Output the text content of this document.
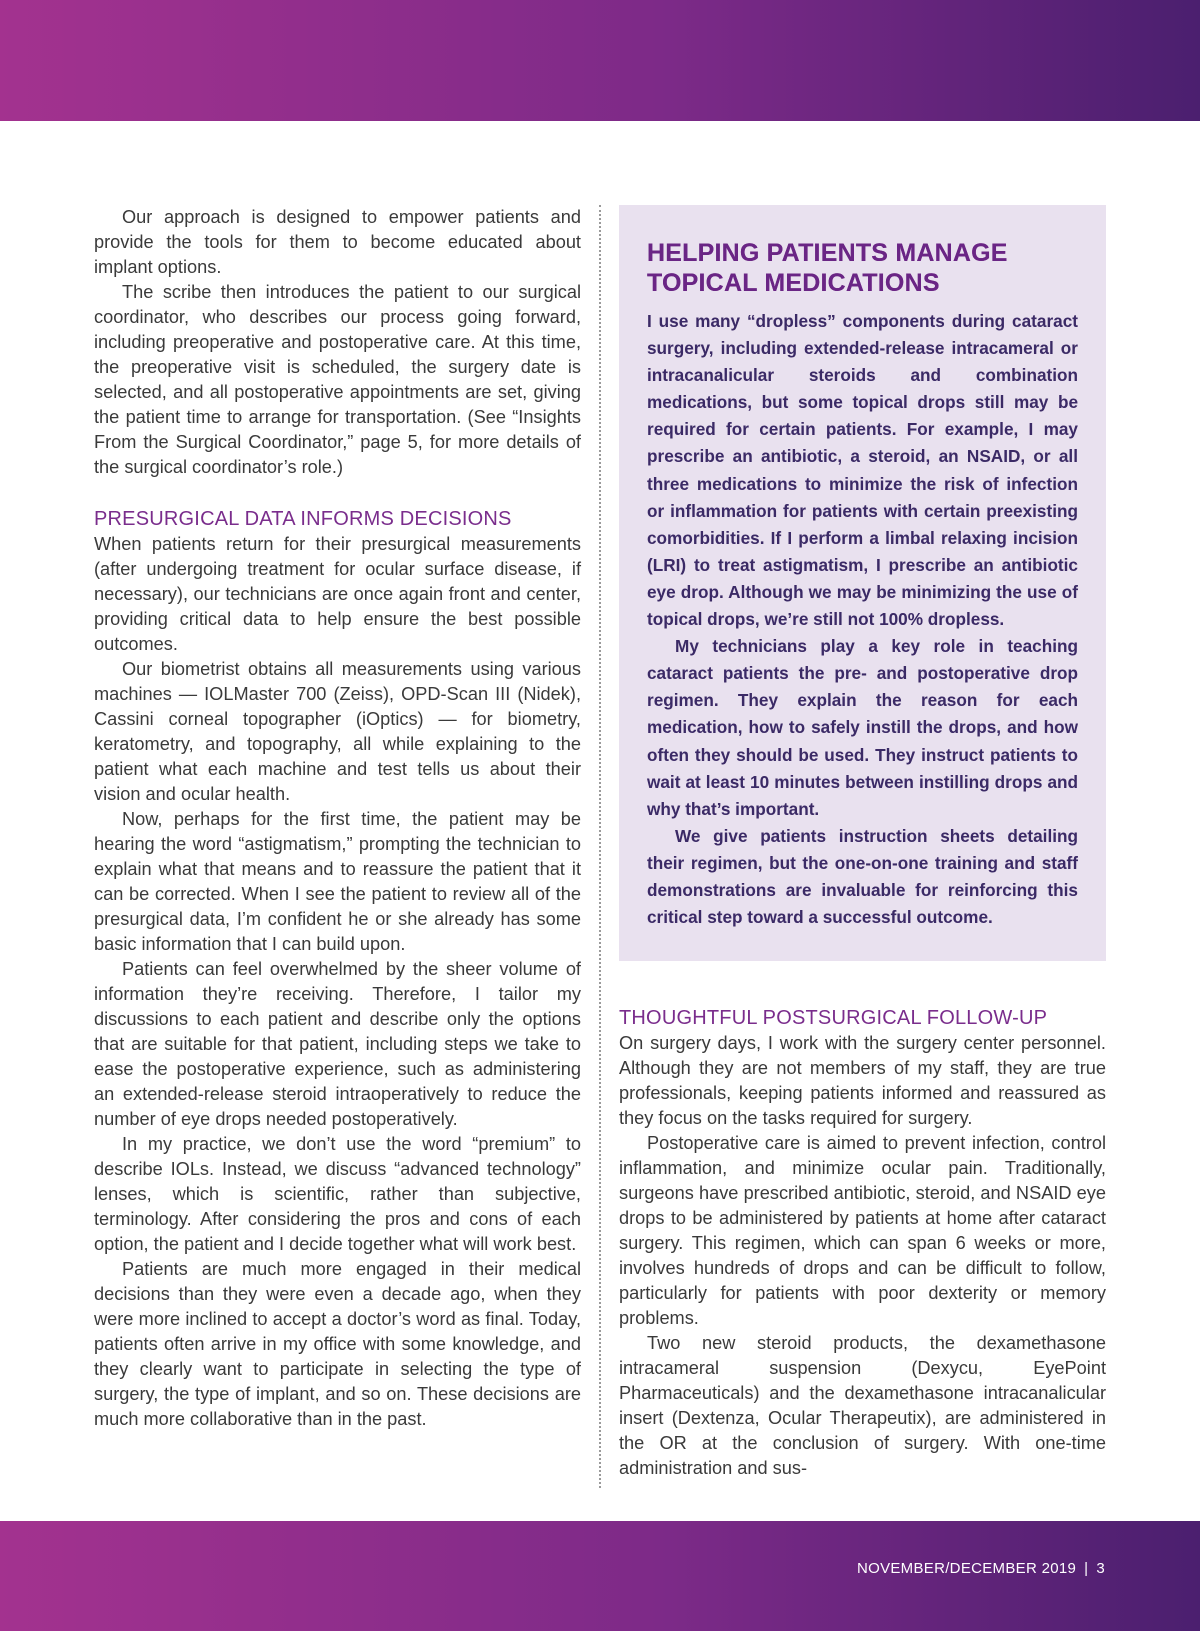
Our approach is designed to empower patients and provide the tools for them to become educated about implant options.

The scribe then introduces the patient to our surgical coordinator, who describes our process going forward, including preoperative and postoperative care. At this time, the preoperative visit is scheduled, the surgery date is selected, and all postoperative appointments are set, giving the patient time to arrange for transportation. (See “Insights From the Surgical Coordinator,” page 5, for more details of the surgical coordinator’s role.)

PRESURGICAL DATA INFORMS DECISIONS

When patients return for their presurgical measurements (after undergoing treatment for ocular surface disease, if necessary), our technicians are once again front and center, providing critical data to help ensure the best possible outcomes.

Our biometrist obtains all measurements using various machines — IOLMaster 700 (Zeiss), OPD-Scan III (Nidek), Cassini corneal topographer (iOptics) — for biometry, keratometry, and topography, all while explaining to the patient what each machine and test tells us about their vision and ocular health.

Now, perhaps for the first time, the patient may be hearing the word “astigmatism,” prompting the technician to explain what that means and to reassure the patient that it can be corrected. When I see the patient to review all of the presurgical data, I’m confident he or she already has some basic information that I can build upon.

Patients can feel overwhelmed by the sheer volume of information they’re receiving. Therefore, I tailor my discussions to each patient and describe only the options that are suitable for that patient, including steps we take to ease the postoperative experience, such as administering an extended-release steroid intraoperatively to reduce the number of eye drops needed postoperatively.

In my practice, we don’t use the word “premium” to describe IOLs. Instead, we discuss “advanced technology” lenses, which is scientific, rather than subjective, terminology. After considering the pros and cons of each option, the patient and I decide together what will work best.

Patients are much more engaged in their medical decisions than they were even a decade ago, when they were more inclined to accept a doctor’s word as final. Today, patients often arrive in my office with some knowledge, and they clearly want to participate in selecting the type of surgery, the type of implant, and so on. These decisions are much more collaborative than in the past.

HELPING PATIENTS MANAGE
TOPICAL MEDICATIONS

I use many “dropless” components during cataract surgery, including extended-release intracameral or intracanalicular steroids and combination medications, but some topical drops still may be required for certain patients. For example, I may prescribe an antibiotic, a steroid, an NSAID, or all three medications to minimize the risk of infection or inflammation for patients with certain preexisting comorbidities. If I perform a limbal relaxing incision (LRI) to treat astigmatism, I prescribe an antibiotic eye drop. Although we may be minimizing the use of topical drops, we’re still not 100% dropless.

My technicians play a key role in teaching cataract patients the pre- and postoperative drop regimen. They explain the reason for each medication, how to safely instill the drops, and how often they should be used. They instruct patients to wait at least 10 minutes between instilling drops and why that’s important.

We give patients instruction sheets detailing their regimen, but the one-on-one training and staff demonstrations are invaluable for reinforcing this critical step toward a successful outcome.

THOUGHTFUL POSTSURGICAL FOLLOW-UP

On surgery days, I work with the surgery center personnel. Although they are not members of my staff, they are true professionals, keeping patients informed and reassured as they focus on the tasks required for surgery.

Postoperative care is aimed to prevent infection, control inflammation, and minimize ocular pain. Traditionally, surgeons have prescribed antibiotic, steroid, and NSAID eye drops to be administered by patients at home after cataract surgery. This regimen, which can span 6 weeks or more, involves hundreds of drops and can be difficult to follow, particularly for patients with poor dexterity or memory problems.

Two new steroid products, the dexamethasone intracameral suspension (Dexycu, EyePoint Pharmaceuticals) and the dexamethasone intracanalicular insert (Dextenza, Ocular Therapeutix), are administered in the OR at the conclusion of surgery. With one-time administration and sus-

NOVEMBER/DECEMBER 2019 | 3
